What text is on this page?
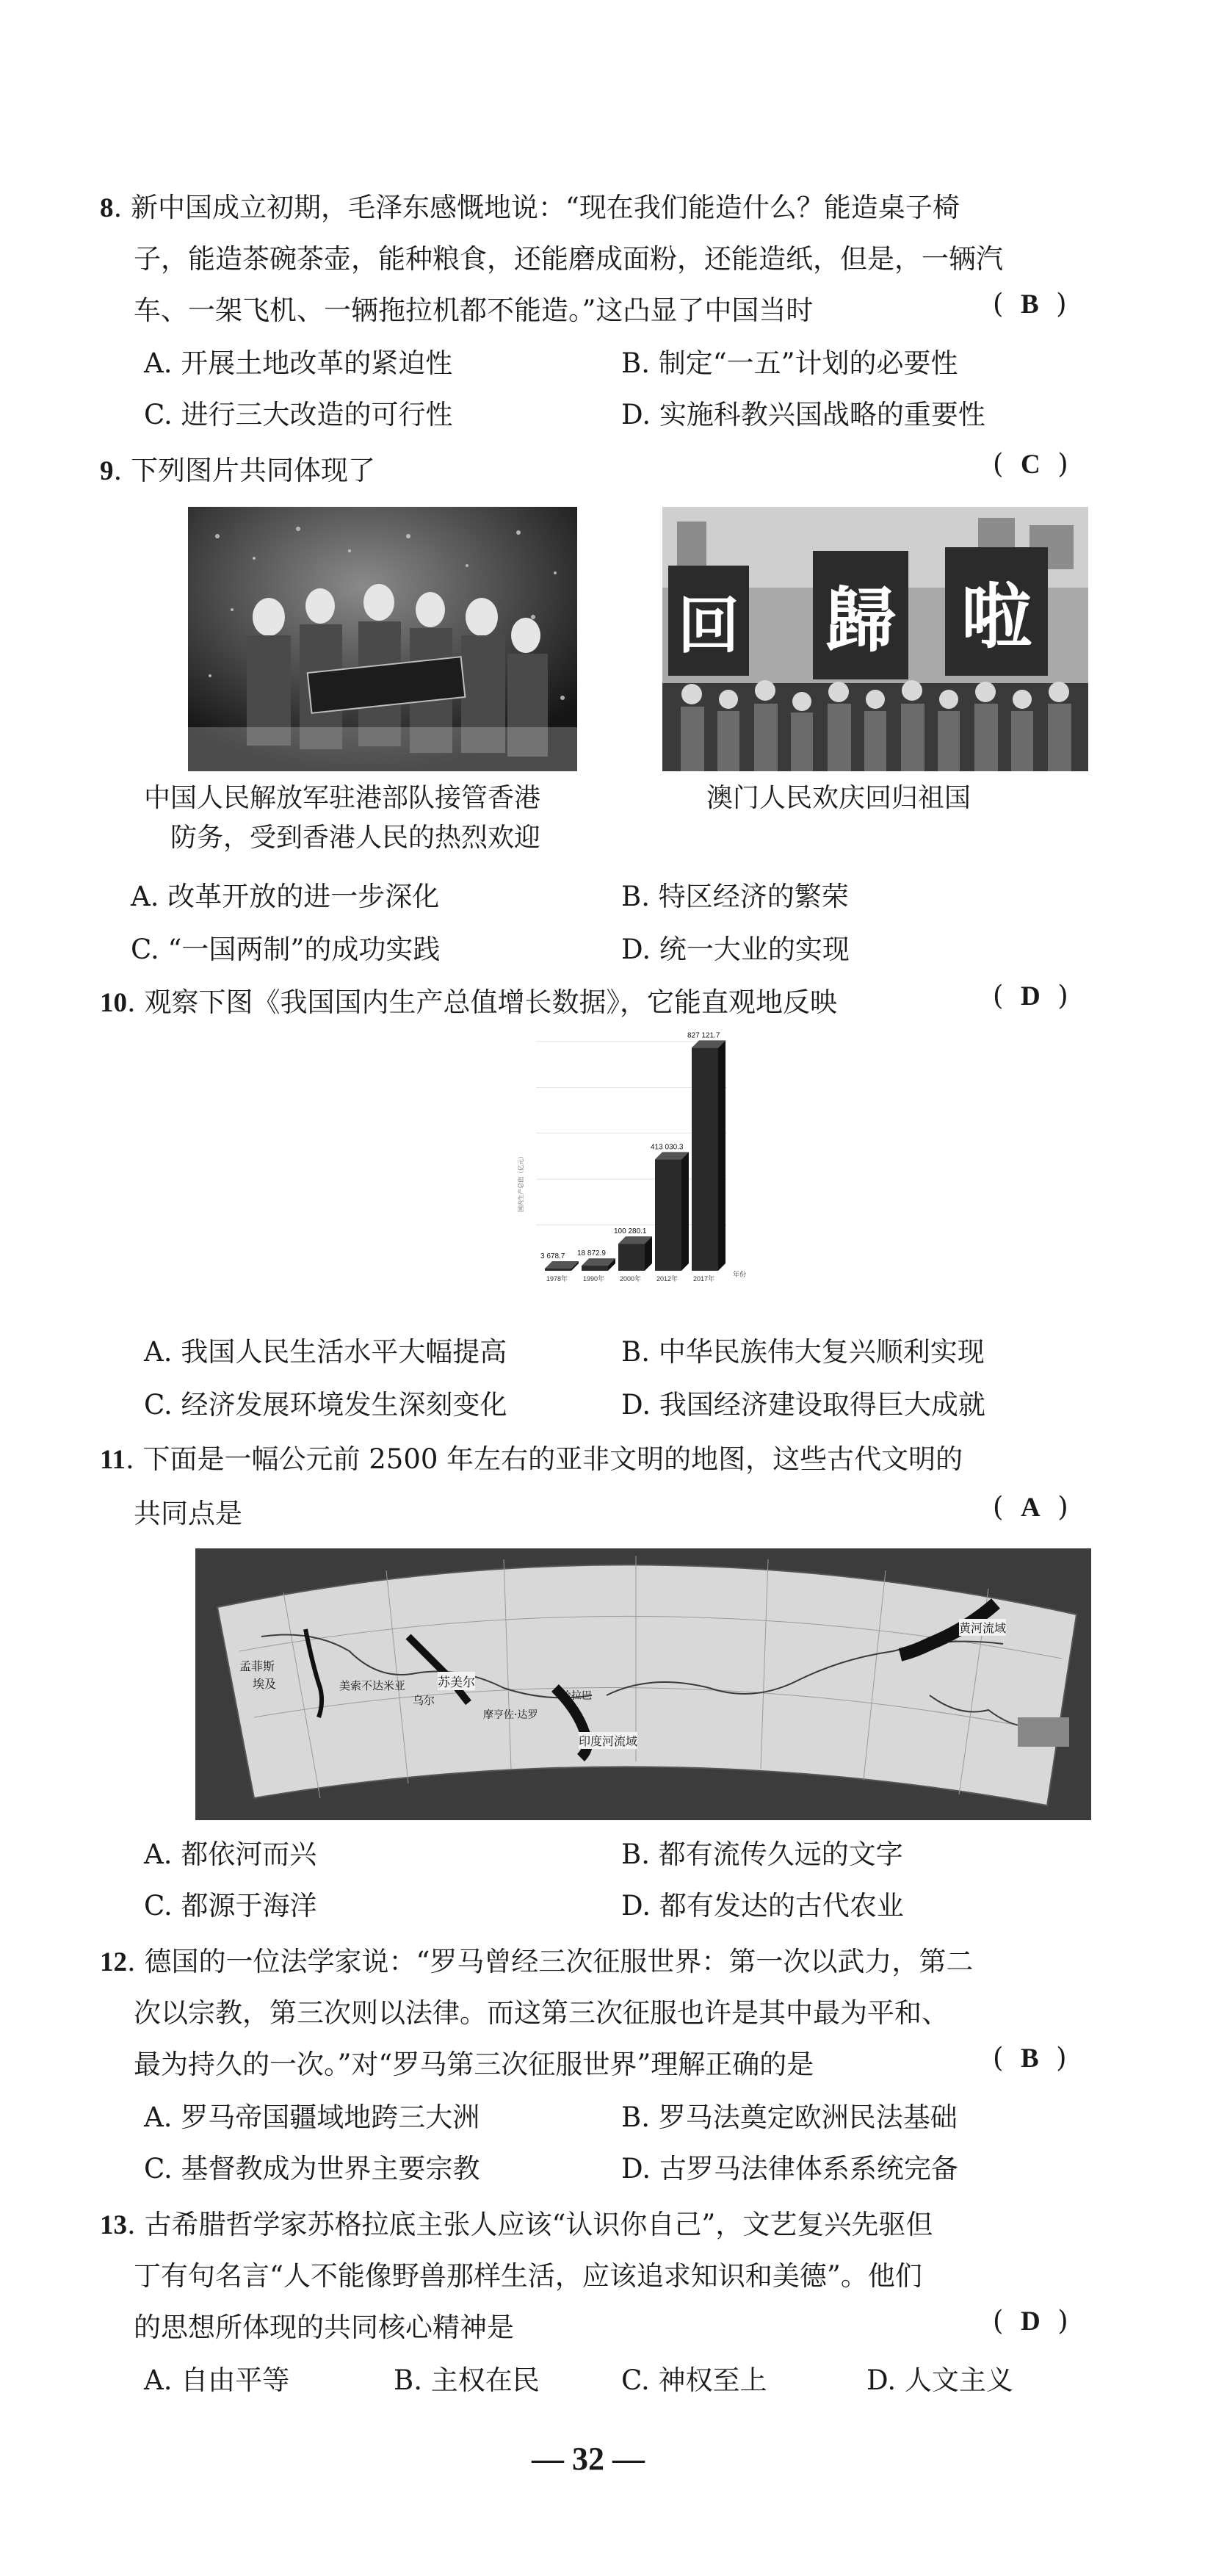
8. 新中国成立初期，毛泽东感慨地说：“现在我们能造什么？能造桌子椅
子，能造茶碗茶壶，能种粮食，还能磨成面粉，还能造纸，但是，一辆汽
车、一架飞机、一辆拖拉机都不能造。”这凸显了中国当时	(  B  )
A. 开展土地改革的紧迫性	B. 制定“一五”计划的必要性
C. 进行三大改造的可行性	D. 实施科教兴国战略的重要性
9. 下列图片共同体现了	(  C  )
回 歸 啦
中国人民解放军驻港部队接管香港
防务，受到香港人民的热烈欢迎
澳门人民欢庆回归祖国
A. 改革开放的进一步深化	B. 特区经济的繁荣
C. “一国两制”的成功实践	D. 统一大业的实现
10. 观察下图《我国国内生产总值增长数据》，它能直观地反映	(  D  )
3 678.7 18 872.9
100 280.1
413 030.3
827 121.7
1978年 1990年 2000年 2012年 2017年
年份
国内生产总值（亿元）
A. 我国人民生活水平大幅提高	B. 中华民族伟大复兴顺利实现
C. 经济发展环境发生深刻变化	D. 我国经济建设取得巨大成就
11. 下面是一幅公元前 2500 年左右的亚非文明的地图，这些古代文明的
共同点是	(  A  )
孟菲斯
埃及	美索不达米亚	苏美尔
乌尔
摩亨佐·达罗
哈拉巴
印度河流域
黄河流域
A. 都依河而兴	B. 都有流传久远的文字
C. 都源于海洋	D. 都有发达的古代农业
12. 德国的一位法学家说：“罗马曾经三次征服世界：第一次以武力，第二
次以宗教，第三次则以法律。而这第三次征服也许是其中最为平和、
最为持久的一次。”对“罗马第三次征服世界”理解正确的是	(  B  )
A. 罗马帝国疆域地跨三大洲	B. 罗马法奠定欧洲民法基础
C. 基督教成为世界主要宗教	D. 古罗马法律体系系统完备
13. 古希腊哲学家苏格拉底主张人应该“认识你自己”，文艺复兴先驱但
丁有句名言“人不能像野兽那样生活，应该追求知识和美德”。他们
的思想所体现的共同核心精神是	(  D  )
A. 自由平等	B. 主权在民	C. 神权至上	D. 人文主义
— 32 —
